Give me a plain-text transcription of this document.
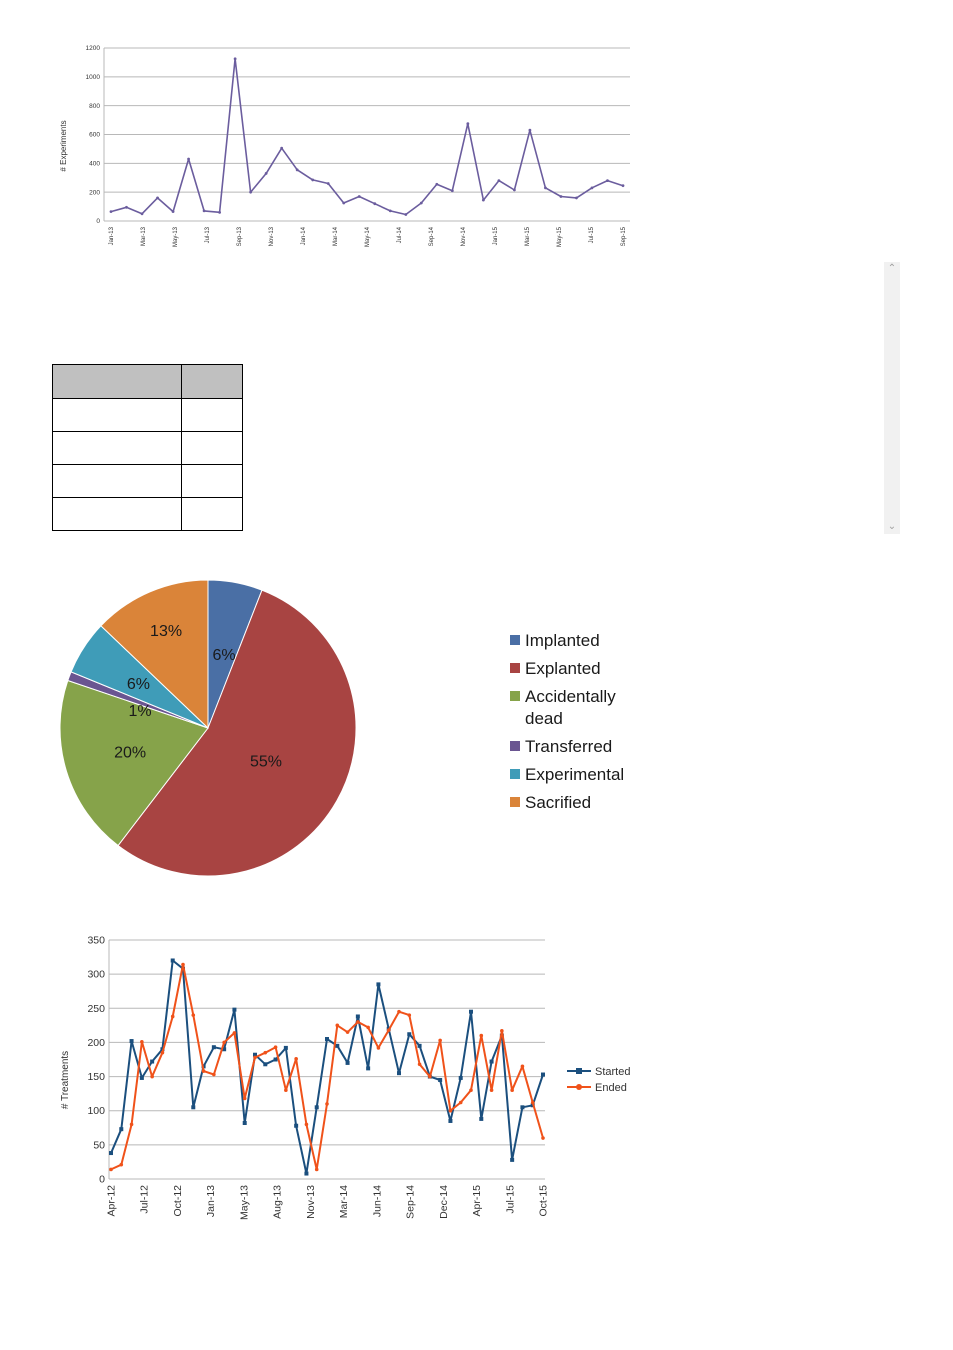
0
200
400
600
800
1000
1200
Jan-13	Mar-13	May-13	Jul-13	Sep-13	Nov-13	Jan-14	Mar-14	May-14	Jul-14	Sep-14	Nov-14	Jan-15	Mar-15	May-15	Jul-15	Sep-15
# Experiments

⌃
⌄
6%
55%
20%
1%
6%
13%	Implanted
Explanted
Accidentally
dead
Transferred
Experimental
Sacrified
0
50
100
150
200
250
300
350
Apr-12 Jul-12 Oct-12 Jan-13 May-13 Aug-13 Nov-13 Mar-14 Jun-14 Sep-14 Dec-14 Apr-15 Jul-15 Oct-15
Started
Ended
# Treatments
